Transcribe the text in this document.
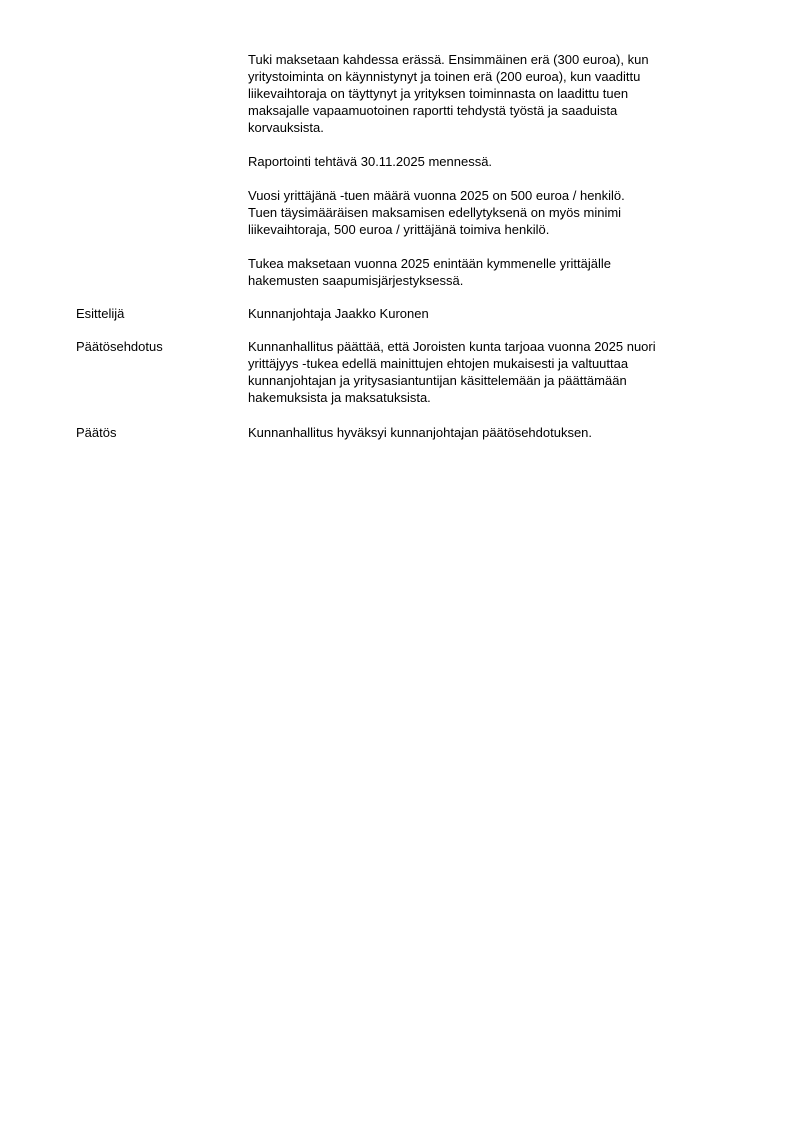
Tuki maksetaan kahdessa erässä. Ensimmäinen erä (300 euroa), kun
yritystoiminta on käynnistynyt ja toinen erä (200 euroa), kun vaadittu
liikevaihtoraja on täyttynyt ja yrityksen toiminnasta on laadittu tuen
maksajalle vapaamuotoinen raportti tehdystä työstä ja saaduista
korvauksista.

Raportointi tehtävä 30.11.2025 mennessä.

Vuosi yrittäjänä -tuen määrä vuonna 2025 on 500 euroa / henkilö.
Tuen täysimääräisen maksamisen edellytyksenä on myös minimi
liikevaihtoraja, 500 euroa / yrittäjänä toimiva henkilö.

Tukea maksetaan vuonna 2025 enintään kymmenelle yrittäjälle
hakemusten saapumisjärjestyksessä.

Esittelijä	Kunnanjohtaja Jaakko Kuronen
Päätösehdotus	Kunnanhallitus päättää, että Joroisten kunta tarjoaa vuonna 2025 nuori
yrittäjyys -tukea edellä mainittujen ehtojen mukaisesti ja valtuuttaa
kunnanjohtajan ja yritysasiantuntijan käsittelemään ja päättämään
hakemuksista ja maksatuksista.
Päätös	Kunnanhallitus hyväksyi kunnanjohtajan päätösehdotuksen.
